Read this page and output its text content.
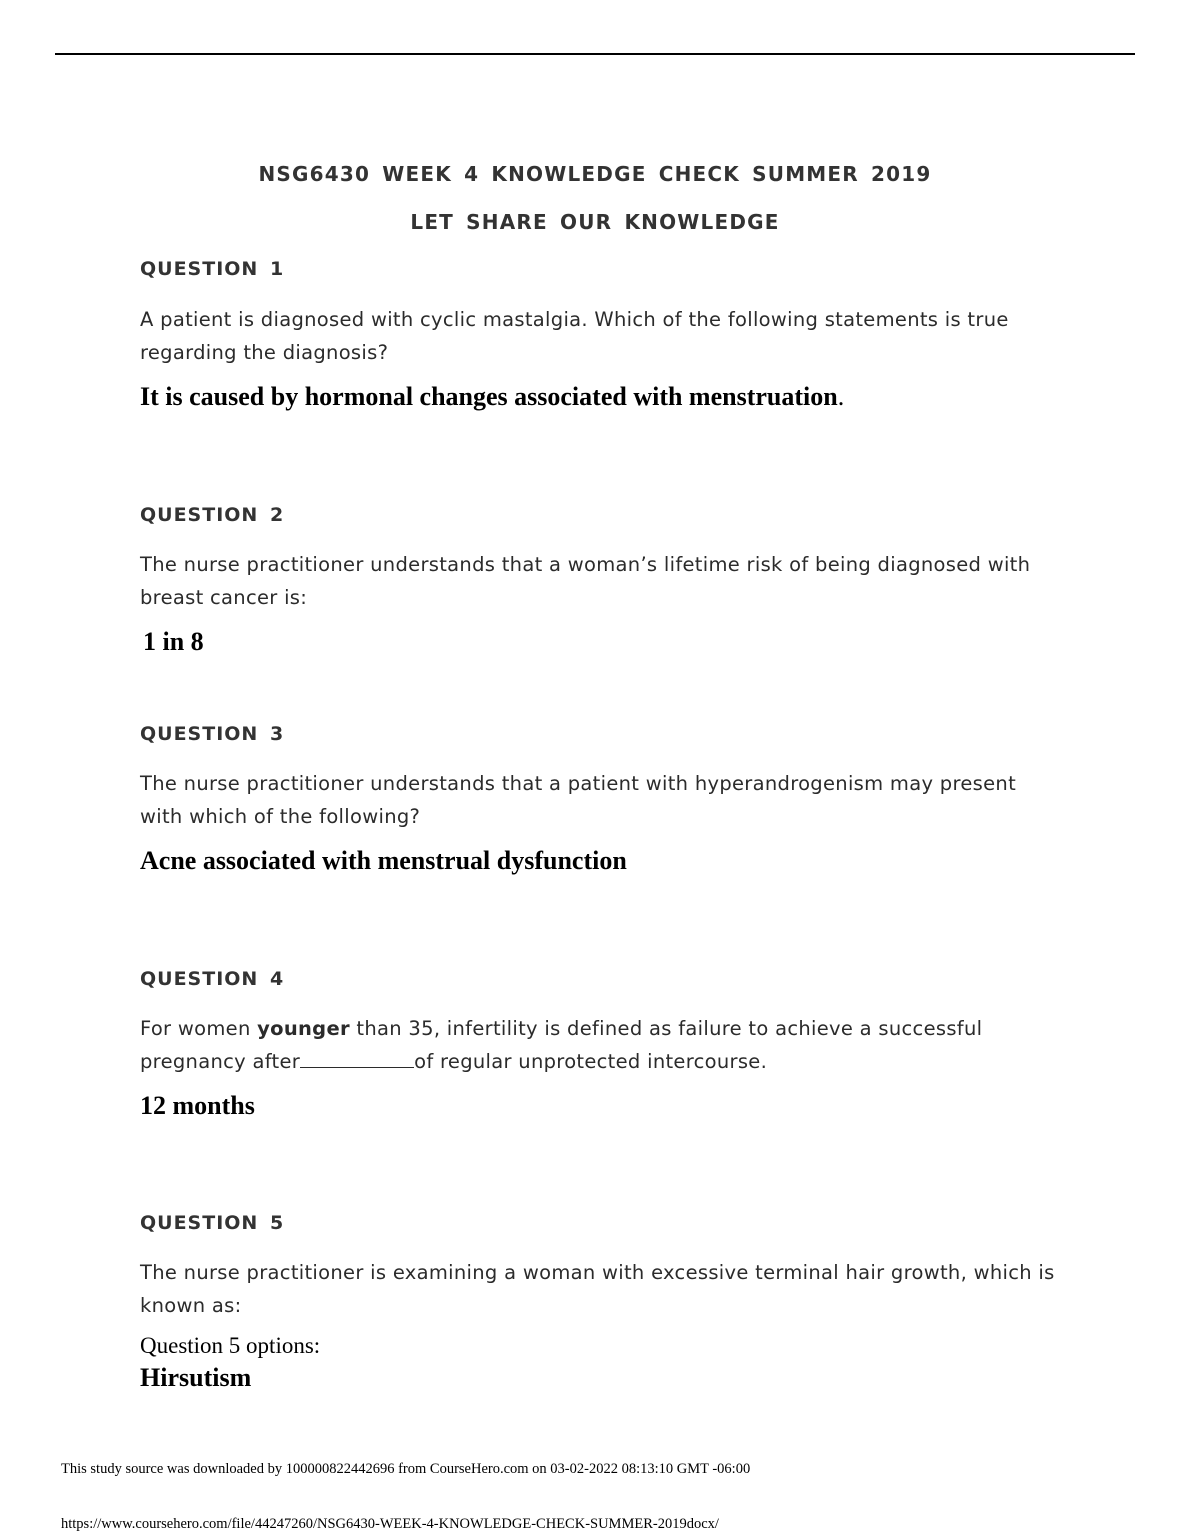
NSG6430 WEEK 4 KNOWLEDGE CHECK SUMMER 2019
LET SHARE OUR KNOWLEDGE
QUESTION 1
A patient is diagnosed with cyclic mastalgia. Which of the following statements is true regarding the diagnosis?
It is caused by hormonal changes associated with menstruation.
QUESTION 2
The nurse practitioner understands that a woman’s lifetime risk of being diagnosed with breast cancer is:
1 in 8
QUESTION 3
The nurse practitioner understands that a patient with hyperandrogenism may present with which of the following?
Acne associated with menstrual dysfunction
QUESTION 4
For women younger than 35, infertility is defined as failure to achieve a successful pregnancy after	of regular unprotected intercourse.
12 months
QUESTION 5
The nurse practitioner is examining a woman with excessive terminal hair growth, which is known as:
Question 5 options:
Hirsutism
This study source was downloaded by 100000822442696 from CourseHero.com on 03-02-2022 08:13:10 GMT -06:00
https://www.coursehero.com/file/44247260/NSG6430-WEEK-4-KNOWLEDGE-CHECK-SUMMER-2019docx/
